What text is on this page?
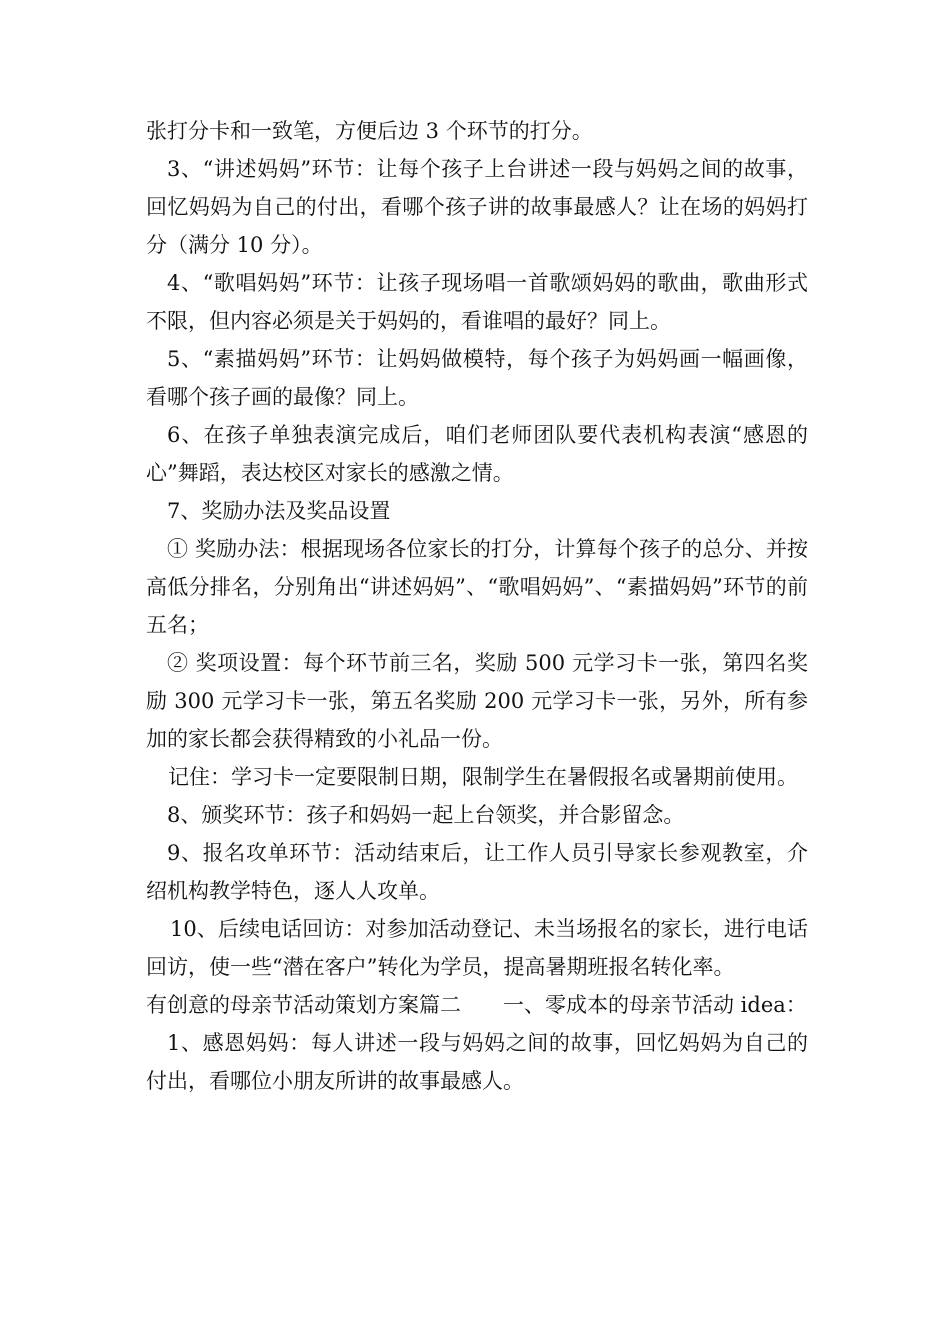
张打分卡和一致笔，方便后边 3 个环节的打分。

3、“讲述妈妈”环节：让每个孩子上台讲述一段与妈妈之间的故事，回忆妈妈为自己的付出，看哪个孩子讲的故事最感人？让在场的妈妈打分（满分 10 分）。

4、“歌唱妈妈”环节：让孩子现场唱一首歌颂妈妈的歌曲，歌曲形式不限，但内容必须是关于妈妈的，看谁唱的最好？同上。

5、“素描妈妈”环节：让妈妈做模特，每个孩子为妈妈画一幅画像，看哪个孩子画的最像？同上。

6、在孩子单独表演完成后，咱们老师团队要代表机构表演“感恩的心”舞蹈，表达校区对家长的感激之情。

7、奖励办法及奖品设置

① 奖励办法：根据现场各位家长的打分，计算每个孩子的总分、并按高低分排名，分别角出“讲述妈妈”、“歌唱妈妈”、“素描妈妈”环节的前五名；

② 奖项设置：每个环节前三名，奖励 500 元学习卡一张，第四名奖励 300 元学习卡一张，第五名奖励 200 元学习卡一张，另外，所有参加的家长都会获得精致的小礼品一份。

记住：学习卡一定要限制日期，限制学生在暑假报名或暑期前使用。

8、颁奖环节：孩子和妈妈一起上台领奖，并合影留念。

9、报名攻单环节：活动结束后，让工作人员引导家长参观教室，介绍机构教学特色，逐人人攻单。

10、后续电话回访：对参加活动登记、未当场报名的家长，进行电话回访，使一些“潜在客户”转化为学员，提高暑期班报名转化率。

有创意的母亲节活动策划方案篇二　　一、零成本的母亲节活动 idea：

1、感恩妈妈：每人讲述一段与妈妈之间的故事，回忆妈妈为自己的付出，看哪位小朋友所讲的故事最感人。
